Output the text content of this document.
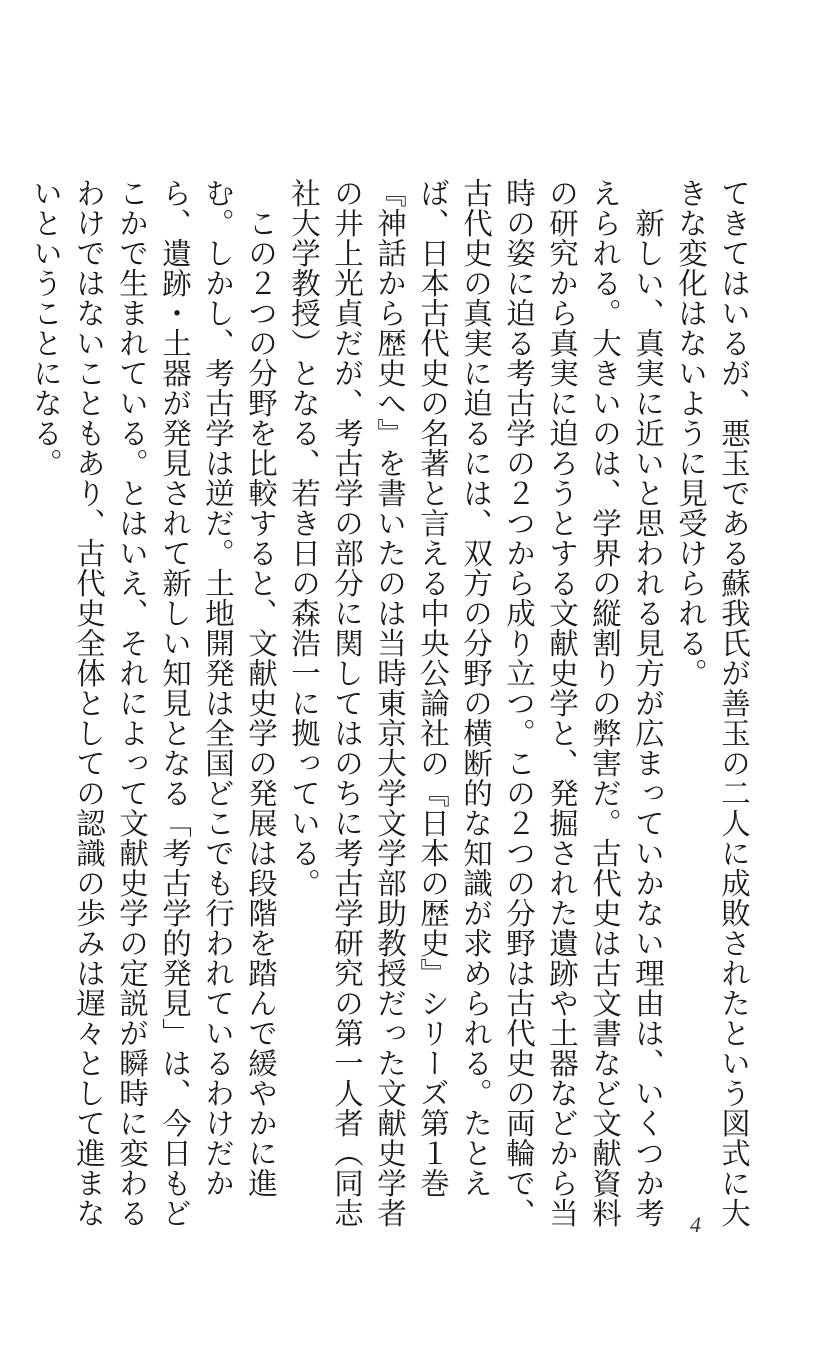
てきてはいるが、悪玉である蘇我氏が善玉の二人に成敗されたという図式に大きな変化はないように見受けられる。

新しい、真実に近いと思われる見方が広まっていかない理由は、いくつか考えられる。大きいのは、学界の縦割りの弊害だ。古代史は古文書など文献資料の研究から真実に迫ろうとする文献史学と、発掘された遺跡や土器などから当時の姿に迫る考古学の２つから成り立つ。この２つの分野は古代史の両輪で、古代史の真実に迫るには、双方の分野の横断的な知識が求められる。たとえば、日本古代史の名著と言える中央公論社の『日本の歴史』シリーズ第１巻『神話から歴史へ』を書いたのは当時東京大学文学部助教授だった文献史学者の井上光貞だが、考古学の部分に関してはのちに考古学研究の第一人者（同志社大学教授）となる、若き日の森浩一に拠っている。

この２つの分野を比較すると、文献史学の発展は段階を踏んで緩やかに進む。しかし、考古学は逆だ。土地開発は全国どこでも行われているわけだから、遺跡・土器が発見されて新しい知見となる「考古学的発見」は、今日もどこかで生まれている。とはいえ、それによって文献史学の定説が瞬時に変わるわけではないこともあり、古代史全体としての認識の歩みは遅々として進まないということになる。

4
